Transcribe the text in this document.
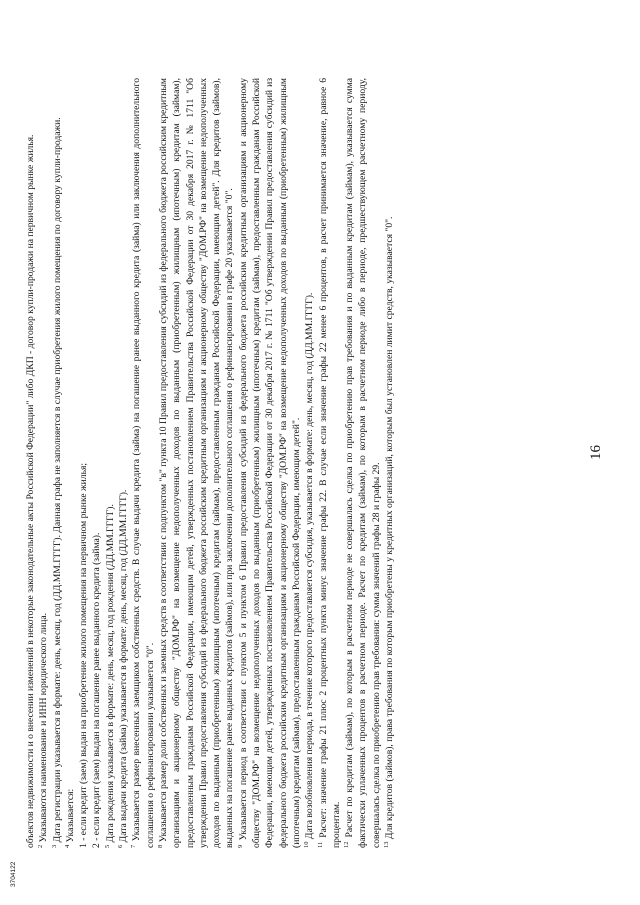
16

объектов недвижимости и о внесении изменений в некоторые законодательные акты Российской Федерации" либо ДКП - договор купли-продажи на первичном рынке жилья. $^2$ Указываются наименование и ИНН юридического лица.

$^3$ Дата регистрации указывается в формате: день, месяц, год (ДД.ММ.ГГГГ). Данная графа не заполняется в случае приобретения жилого помещения по договору купли-продажи.

$^4$ Указывается: 1 - если кредит (заем) выдан на приобретение жилого помещения на первичном рынке жилья; 2 - если кредит (заем) выдан на погашение ранее выданного кредита (займа). $^5$ Дата рождения указывается в формате: день, месяц, год рождения (ДД.ММ.ГГГГ).

$^6$ Дата выдачи кредита (займа) указывается в формате: день, месяц, год (ДД.ММ.ГГГГ).

$^7$ Указывается размер внесенных заемщиком собственных средств. В случае выдачи кредита (займа) на погашение ранее выданного кредита (займа) или заключения дополнительного соглашения о рефинансировании указывается "0". $^8$ Указывается размер доли собственных и заемных средств в соответствии с подпунктом "в" пункта 10 Правил предоставления субсидий из федерального бюджета российским кредитным организациям и акционерному обществу "ДОМ.РФ" на возмещение недополученных доходов по выданным (приобретенным) жилищным (ипотечным) кредитам (займам), предоставленным гражданам Российской Федерации, имеющим детей, утвержденных постановлением Правительства Российской Федерации от 30 декабря 2017 г. № 1711 "Об утверждении Правил предоставления субсидий из федерального бюджета российским кредитным организациям и акционерному обществу "ДОМ.РФ" на возмещение недополученных доходов по выданным (приобретенным) жилищным (ипотечным) кредитам (займам), предоставленным гражданам Российской Федерации, имеющим детей". Для кредитов (займов), выданных на погашение ранее выданных кредитов (займов), или при заключении дополнительного соглашения о рефинансировании в графе 20 указывается "0". $^9$ Указывается период в соответствии с пунктом 5 и пунктом 6 Правил предоставления субсидий из федерального бюджета российским кредитным организациям и акционерному обществу "ДОМ.РФ" на возмещение недополученных доходов по выданным (приобретенным) жилищным (ипотечным) кредитам (займам), предоставленным гражданам Российской Федерации, имеющим детей, утвержденных постановлением Правительства Российской Федерации от 30 декабря 2017 г. № 1711 "Об утверждении Правил предоставления субсидий из федерального бюджета российским кредитным организациям и акционерному обществу "ДОМ.РФ" на возмещение недополученных доходов по выданным (приобретенным) жилищным (ипотечным) кредитам (займам), предоставленным гражданам Российской Федерации, имеющим детей". $^{10}$ Дата возобновления периода, в течение которого предоставляется субсидия, указывается в формате: день, месяц, год (ДД.ММ.ГГГГ).

$^{11}$ Расчет: значение графы 21 плюс 2 процентных пункта минус значение графы 22. В случае если значение графы 22 менее 6 процентов, в расчет принимается значение, равное 6 процентам. $^{12}$ Расчет по кредитам (займам), по которым в расчетном периоде не совершалась сделка по приобретению прав требования и по выданным кредитам (займам), указывается сумма фактически уплаченных процентов в расчетном периоде. Расчет по кредитам (займам), по которым в расчетном периоде либо в периоде, предшествующем расчетному периоду, совершалась сделка по приобретению прав требования: сумма значений графы 28 и графы 29. $^{13}$ Для кредитов (займов), права требования по которым приобретены у кредитных организаций, которым был установлен лимит средств, указывается "0".

3704122
